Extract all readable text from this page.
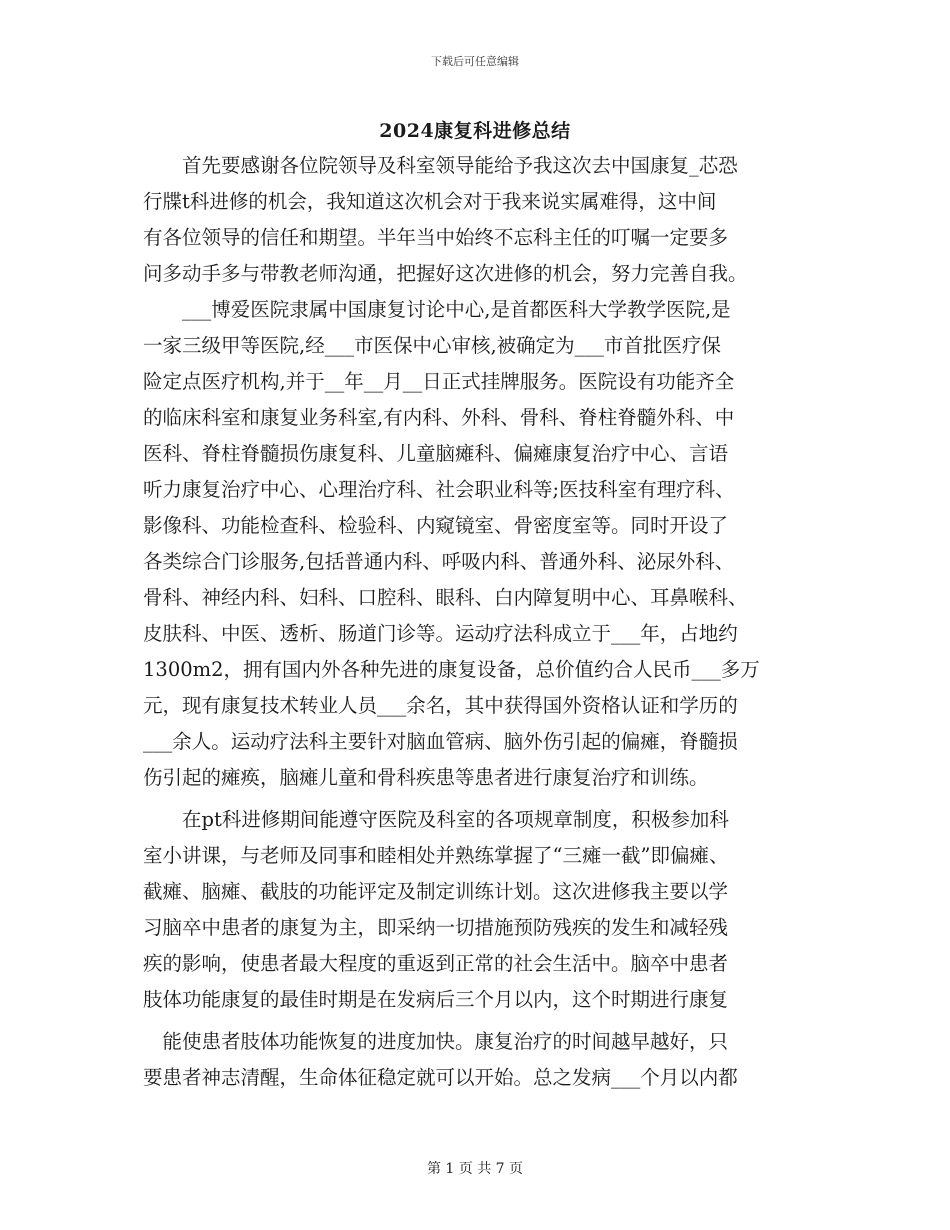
下载后可任意编辑
2024康复科进修总结
　　首先要感谢各位院领导及科室领导能给予我这次去中国康复_芯恐
行牒t科进修的机会，我知道这次机会对于我来说实属难得，这中间
有各位领导的信任和期望。半年当中始终不忘科主任的叮嘱一定要多
问多动手多与带教老师沟通，把握好这次进修的机会，努力完善自我。
　　___博爱医院隶属中国康复讨论中心,是首都医科大学教学医院,是
一家三级甲等医院,经___市医保中心审核,被确定为___市首批医疗保
险定点医疗机构,并于__年__月__日正式挂牌服务。医院设有功能齐全
的临床科室和康复业务科室,有内科、外科、骨科、脊柱脊髓外科、中
医科、脊柱脊髓损伤康复科、儿童脑瘫科、偏瘫康复治疗中心、言语
听力康复治疗中心、心理治疗科、社会职业科等;医技科室有理疗科、
影像科、功能检查科、检验科、内窥镜室、骨密度室等。同时开设了
各类综合门诊服务,包括普通内科、呼吸内科、普通外科、泌尿外科、
骨科、神经内科、妇科、口腔科、眼科、白内障复明中心、耳鼻喉科、
皮肤科、中医、透析、肠道门诊等。运动疗法科成立于___年，占地约
1300m2，拥有国内外各种先进的康复设备，总价值约合人民币___多万
元，现有康复技术转业人员___余名，其中获得国外资格认证和学历的
___余人。运动疗法科主要针对脑血管病、脑外伤引起的偏瘫，脊髓损
伤引起的瘫痪，脑瘫儿童和骨科疾患等患者进行康复治疗和训练。
　　在pt科进修期间能遵守医院及科室的各项规章制度，积极参加科
室小讲课，与老师及同事和睦相处并熟练掌握了“三瘫一截”即偏瘫、
截瘫、脑瘫、截肢的功能评定及制定训练计划。这次进修我主要以学
习脑卒中患者的康复为主，即采纳一切措施预防残疾的发生和减轻残
疾的影响，使患者最大程度的重返到正常的社会生活中。脑卒中患者
肢体功能康复的最佳时期是在发病后三个月以内，这个时期进行康复
　能使患者肢体功能恢复的进度加快。康复治疗的时间越早越好，只
要患者神志清醒，生命体征稳定就可以开始。总之发病___个月以内都
第 1 页 共 7 页
